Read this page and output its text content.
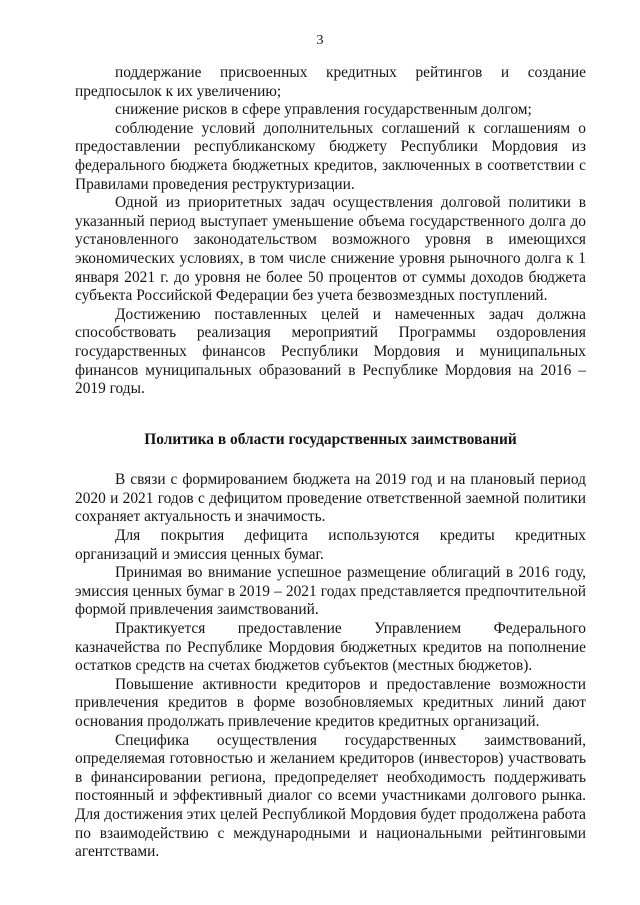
3

поддержание присвоенных кредитных рейтингов и создание предпосылок к их увеличению;

снижение рисков в сфере управления государственным долгом;

соблюдение условий дополнительных соглашений к соглашениям о предоставлении республиканскому бюджету Республики Мордовия из федерального бюджета бюджетных кредитов, заключенных в соответствии с Правилами проведения реструктуризации.

Одной из приоритетных задач осуществления долговой политики в указанный период выступает уменьшение объема государственного долга до установленного законодательством возможного уровня в имеющихся экономических условиях, в том числе снижение уровня рыночного долга к 1 января 2021 г. до уровня не более 50 процентов от суммы доходов бюджета субъекта Российской Федерации без учета безвозмездных поступлений.

Достижению поставленных целей и намеченных задач должна способствовать реализация мероприятий Программы оздоровления государственных финансов Республики Мордовия и муниципальных финансов муниципальных образований в Республике Мордовия на 2016 – 2019 годы.

Политика в области государственных заимствований

В связи с формированием бюджета на 2019 год и на плановый период 2020 и 2021 годов с дефицитом проведение ответственной заемной политики сохраняет актуальность и значимость.

Для покрытия дефицита используются кредиты кредитных организаций и эмиссия ценных бумаг.

Принимая во внимание успешное размещение облигаций в 2016 году, эмиссия ценных бумаг в 2019 – 2021 годах представляется предпочтительной формой привлечения заимствований.

Практикуется предоставление Управлением Федерального казначейства по Республике Мордовия бюджетных кредитов на пополнение остатков средств на счетах бюджетов субъектов (местных бюджетов).

Повышение активности кредиторов и предоставление возможности привлечения кредитов в форме возобновляемых кредитных линий дают основания продолжать привлечение кредитов кредитных организаций.

Специфика осуществления государственных заимствований, определяемая готовностью и желанием кредиторов (инвесторов) участвовать в финансировании региона, предопределяет необходимость поддерживать постоянный и эффективный диалог со всеми участниками долгового рынка. Для достижения этих целей Республикой Мордовия будет продолжена работа по взаимодействию с международными и национальными рейтинговыми агентствами.
